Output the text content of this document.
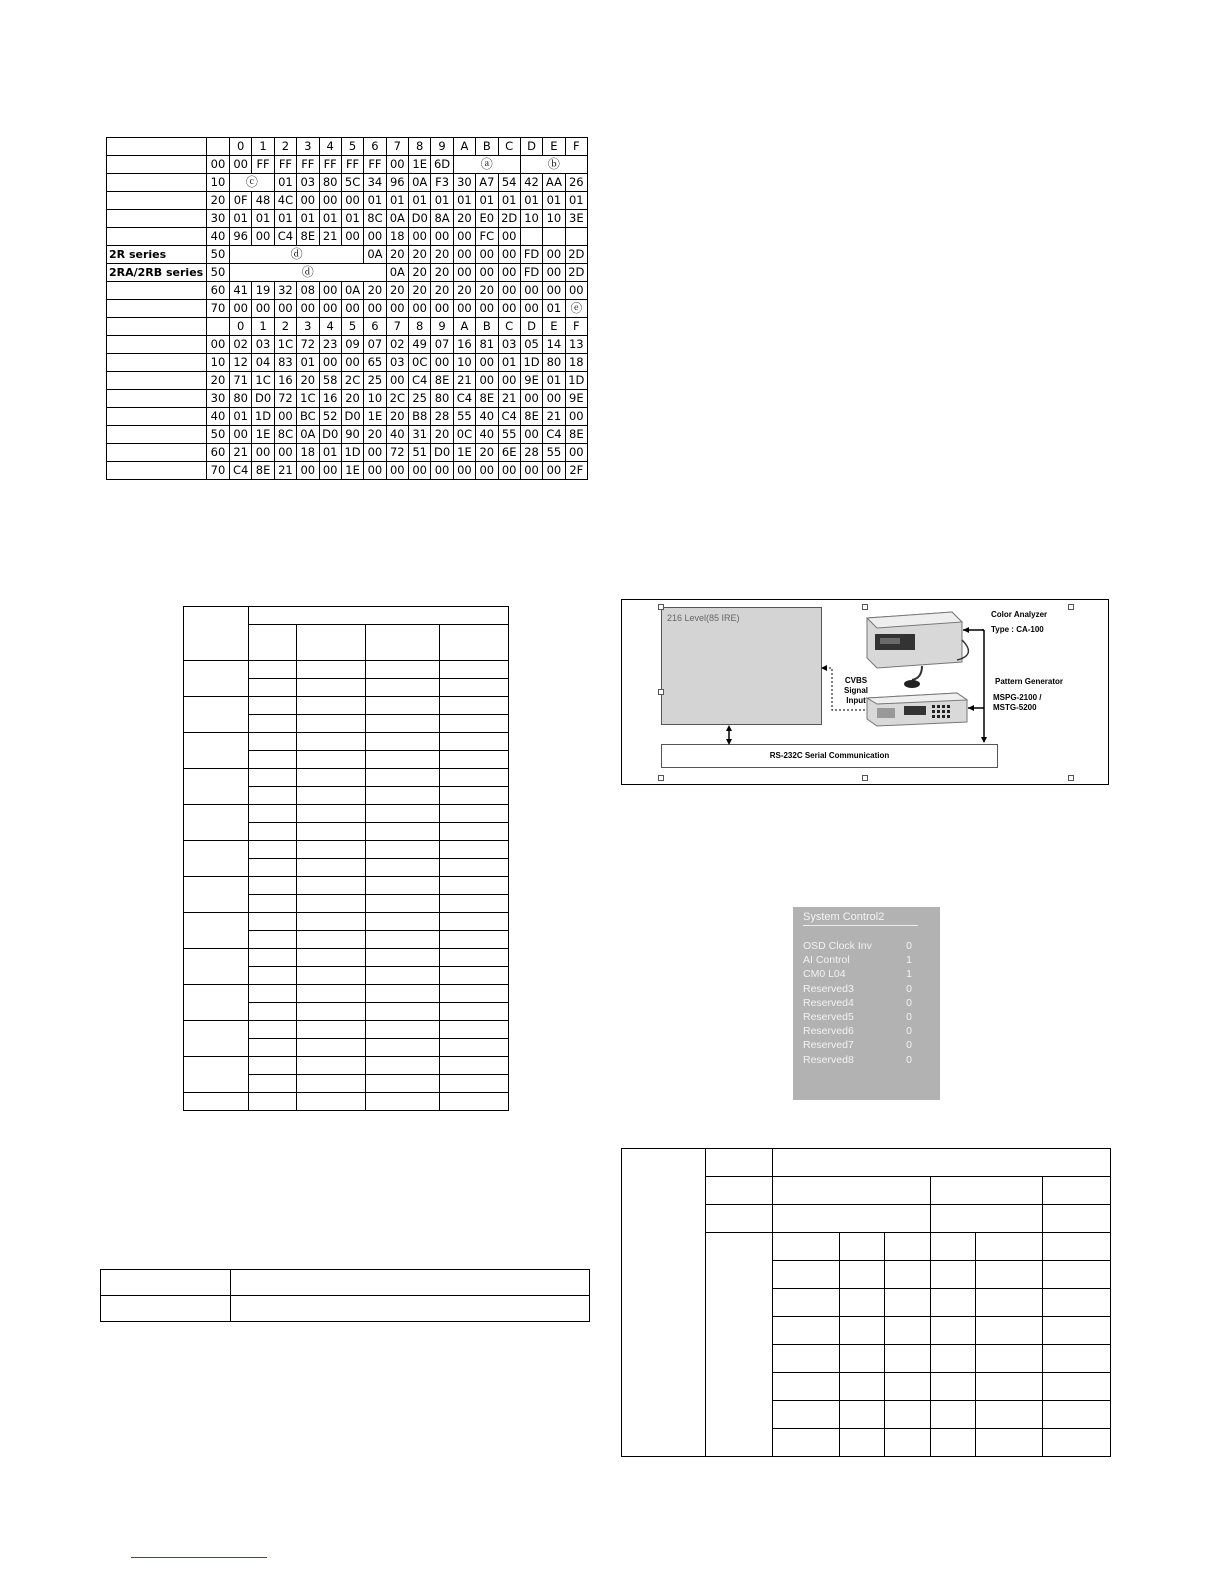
		0	1	2	3	4	5	6	7	8	9	A	B	C	D	E	F
	00	00	FF	FF	FF	FF	FF	FF	00	1E	6D	ⓐ			ⓑ		
	10	ⓒ		01	03	80	5C	34	96	0A	F3	30	A7	54	42	AA	26
	20	0F	48	4C	00	00	00	01	01	01	01	01	01	01	01	01	01
	30	01	01	01	01	01	01	8C	0A	D0	8A	20	E0	2D	10	10	3E
	40	96	00	C4	8E	21	00	00	18	00	00	00	FC	00			
2R series	50	ⓓ						0A	20	20	20	00	00	00	FD	00	2D
2RA/2RB series	50	ⓓ							0A	20	20	00	00	00	FD	00	2D
	60	41	19	32	08	00	0A	20	20	20	20	20	20	00	00	00	00
	70	00	00	00	00	00	00	00	00	00	00	00	00	00	00	01	ⓔ
		0	1	2	3	4	5	6	7	8	9	A	B	C	D	E	F
	00	02	03	1C	72	23	09	07	02	49	07	16	81	03	05	14	13
	10	12	04	83	01	00	00	65	03	0C	00	10	00	01	1D	80	18
	20	71	1C	16	20	58	2C	25	00	C4	8E	21	00	00	9E	01	1D
	30	80	D0	72	1C	16	20	10	2C	25	80	C4	8E	21	00	00	9E
	40	01	1D	00	BC	52	D0	1E	20	B8	28	55	40	C4	8E	21	00
	50	00	1E	8C	0A	D0	90	20	40	31	20	0C	40	55	00	C4	8E
	60	21	00	00	18	01	1D	00	72	51	D0	1E	20	6E	28	55	00
	70	C4	8E	21	00	00	1E	00	00	00	00	00	00	00	00	00	2F

216 Level(85 IRE)
RS-232C Serial Communication
Color Analyzer
Type : CA-100
Pattern Generator
MSPG-2100 /
MSTG-5200
CVBS
Signal
Input
System Control2
OSD Clock Inv	0
AI Control	1
CM0 L04	1
Reserved3	0
Reserved4	0
Reserved5	0
Reserved6	0
Reserved7	0
Reserved8	0
